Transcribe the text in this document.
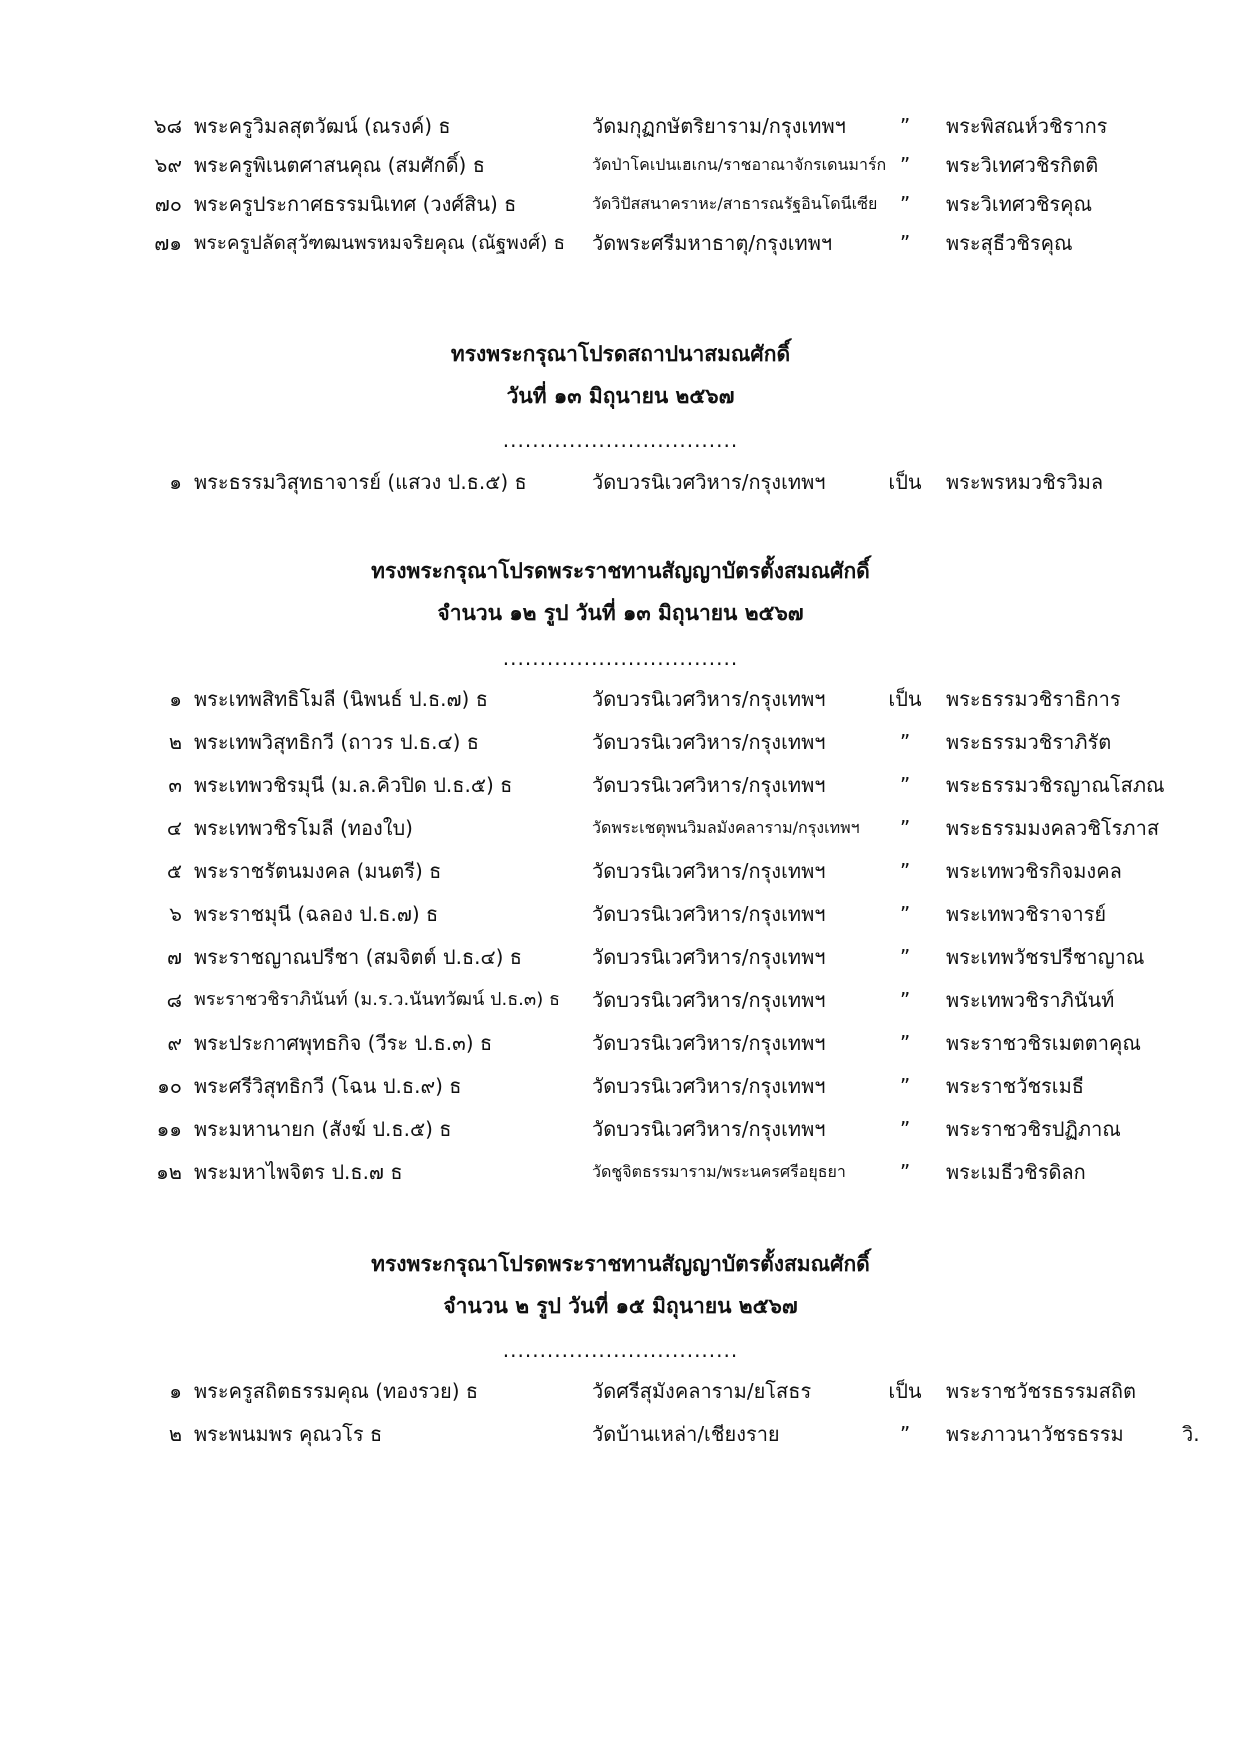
๖๘ พระครูวิมลสุตวัฒน์ (ณรงค์) ธ	วัดมกุฏกษัตริยาราม/กรุงเทพฯ	”	พระพิสณห์วชิรากร
๖๙ พระครูพิเนตศาสนคุณ (สมศักดิ์) ธ	วัดป่าโคเปนเฮเกน/ราชอาณาจักรเดนมาร์ก ”	พระวิเทศวชิรกิตติ
๗๐ พระครูประกาศธรรมนิเทศ (วงศ์สิน) ธ	วัดวิปัสสนาคราหะ/สาธารณรัฐอินโดนีเซีย	”	พระวิเทศวชิรคุณ
๗๑ พระครูปลัดสุวัฑฒนพรหมจริยคุณ (ณัฐพงศ์) ธ วัดพระศรีมหาธาตุ/กรุงเทพฯ	”	พระสุธีวชิรคุณ
ทรงพระกรุณาโปรดสถาปนาสมณศักดิ์
วันที่ ๑๓ มิถุนายน ๒๕๖๗
................................
๑ พระธรรมวิสุทธาจารย์ (แสวง ป.ธ.๕) ธ	วัดบวรนิเวศวิหาร/กรุงเทพฯ	เป็น	พระพรหมวชิรวิมล
ทรงพระกรุณาโปรดพระราชทานสัญญาบัตรตั้งสมณศักดิ์
จำนวน ๑๒ รูป วันที่ ๑๓ มิถุนายน ๒๕๖๗
................................
๑ พระเทพสิทธิโมลี (นิพนธ์ ป.ธ.๗) ธ	วัดบวรนิเวศวิหาร/กรุงเทพฯ	เป็น	พระธรรมวชิราธิการ
๒ พระเทพวิสุทธิกวี (ถาวร ป.ธ.๔) ธ	วัดบวรนิเวศวิหาร/กรุงเทพฯ	”	พระธรรมวชิราภิรัต
๓ พระเทพวชิรมุนี (ม.ล.คิวปิด ป.ธ.๕) ธ	วัดบวรนิเวศวิหาร/กรุงเทพฯ	”	พระธรรมวชิรญาณโสภณ
๔ พระเทพวชิรโมลี (ทองใบ)	วัดพระเชตุพนวิมลมังคลาราม/กรุงเทพฯ	”	พระธรรมมงคลวชิโรภาส
๕ พระราชรัตนมงคล (มนตรี) ธ	วัดบวรนิเวศวิหาร/กรุงเทพฯ	”	พระเทพวชิรกิจมงคล
๖ พระราชมุนี (ฉลอง ป.ธ.๗) ธ	วัดบวรนิเวศวิหาร/กรุงเทพฯ	”	พระเทพวชิราจารย์
๗ พระราชญาณปรีชา (สมจิตต์ ป.ธ.๔) ธ	วัดบวรนิเวศวิหาร/กรุงเทพฯ	”	พระเทพวัชรปรีชาญาณ
๘ พระราชวชิราภินันท์ (ม.ร.ว.นันทวัฒน์ ป.ธ.๓) ธ วัดบวรนิเวศวิหาร/กรุงเทพฯ	”	พระเทพวชิราภินันท์
๙ พระประกาศพุทธกิจ (วีระ ป.ธ.๓) ธ	วัดบวรนิเวศวิหาร/กรุงเทพฯ	”	พระราชวชิรเมตตาคุณ
๑๐ พระศรีวิสุทธิกวี (โฉน ป.ธ.๙) ธ	วัดบวรนิเวศวิหาร/กรุงเทพฯ	”	พระราชวัชรเมธี
๑๑ พระมหานายก (สังฆ์ ป.ธ.๕) ธ	วัดบวรนิเวศวิหาร/กรุงเทพฯ	”	พระราชวชิรปฏิภาณ
๑๒ พระมหาไพจิตร ป.ธ.๗ ธ	วัดชูจิตธรรมาราม/พระนครศรีอยุธยา	”	พระเมธีวชิรดิลก
ทรงพระกรุณาโปรดพระราชทานสัญญาบัตรตั้งสมณศักดิ์
จำนวน ๒ รูป วันที่ ๑๕ มิถุนายน ๒๕๖๗
................................
๑ พระครูสถิตธรรมคุณ (ทองรวย) ธ	วัดศรีสุมังคลาราม/ยโสธร	เป็น	พระราชวัชรธรรมสถิต
๒ พระพนมพร คุณวโร ธ	วัดบ้านเหล่า/เชียงราย	”	พระภาวนาวัชรธรรม	วิ.
